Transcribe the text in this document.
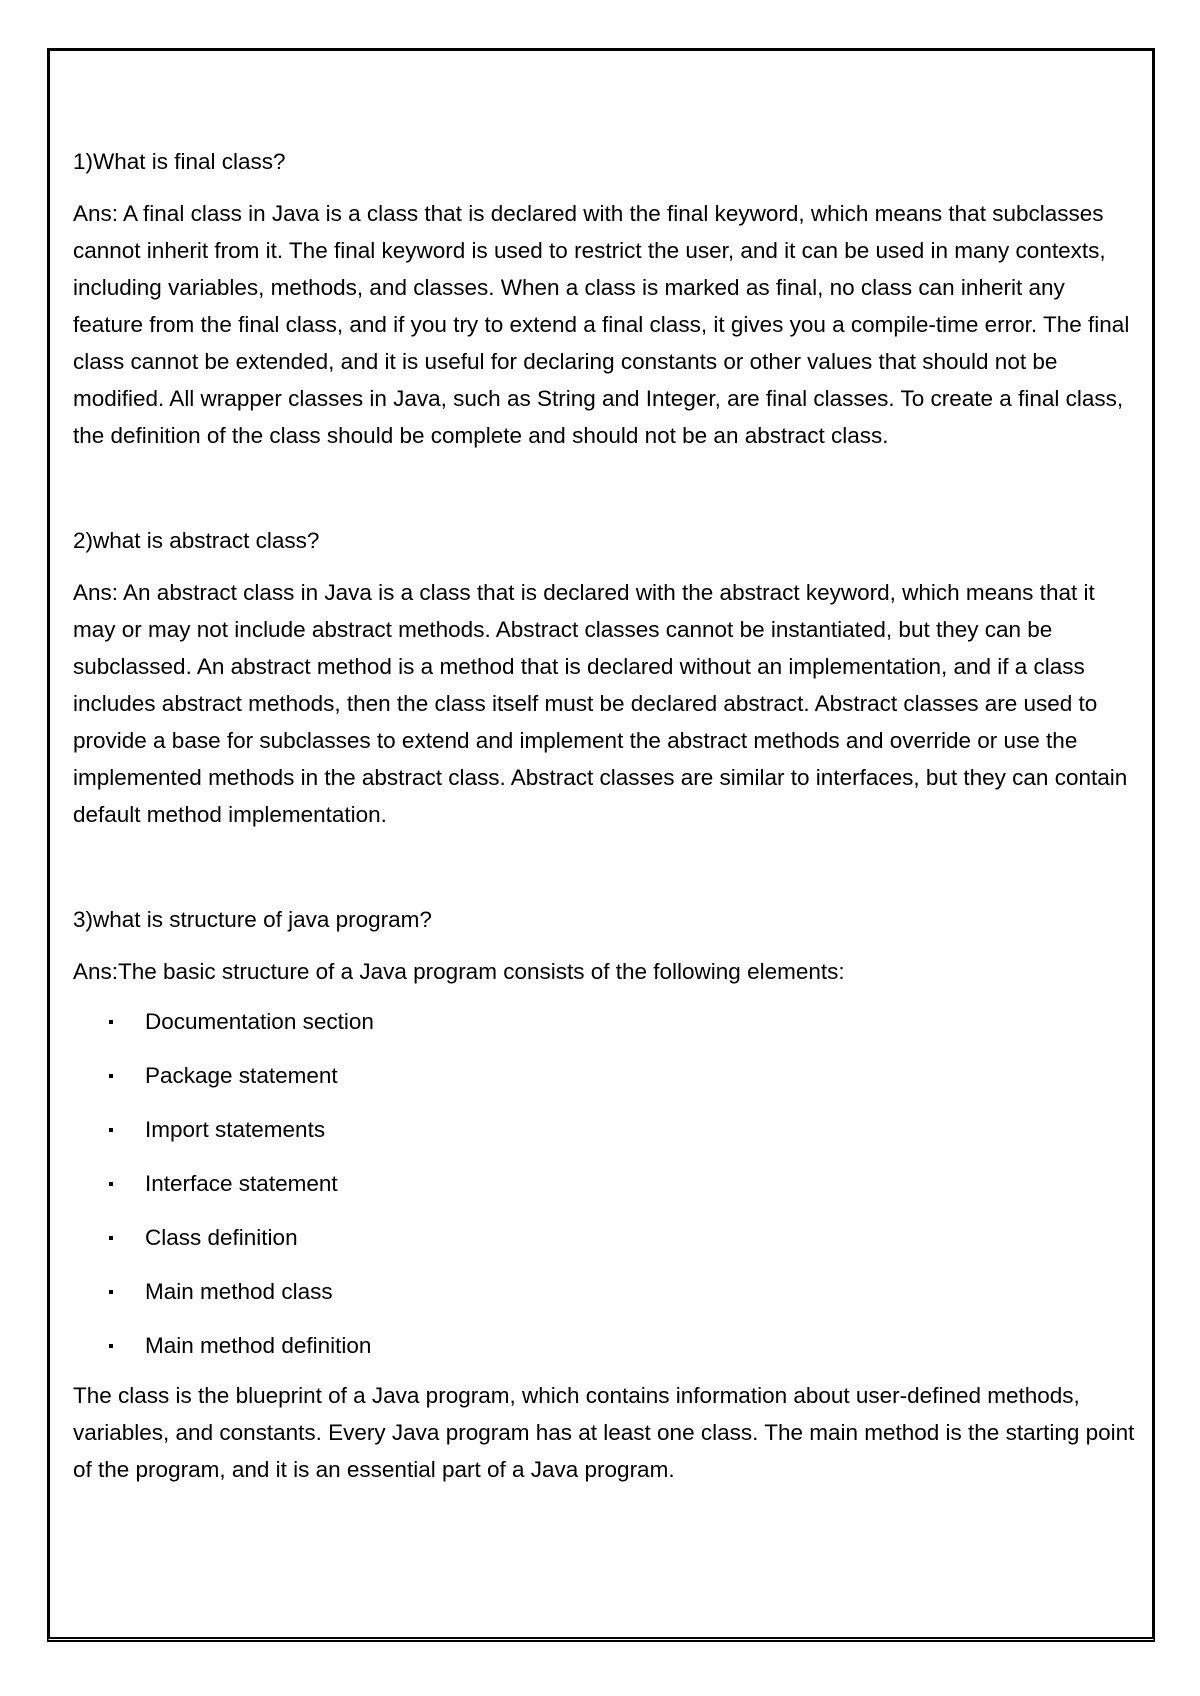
1)What is final class?

Ans: A final class in Java is a class that is declared with the final keyword, which means that subclasses cannot inherit from it. The final keyword is used to restrict the user, and it can be used in many contexts, including variables, methods, and classes. When a class is marked as final, no class can inherit any feature from the final class, and if you try to extend a final class, it gives you a compile-time error. The final class cannot be extended, and it is useful for declaring constants or other values that should not be modified. All wrapper classes in Java, such as String and Integer, are final classes. To create a final class, the definition of the class should be complete and should not be an abstract class.

2)what is abstract class?

Ans: An abstract class in Java is a class that is declared with the abstract keyword, which means that it may or may not include abstract methods. Abstract classes cannot be instantiated, but they can be subclassed. An abstract method is a method that is declared without an implementation, and if a class includes abstract methods, then the class itself must be declared abstract. Abstract classes are used to provide a base for subclasses to extend and implement the abstract methods and override or use the implemented methods in the abstract class. Abstract classes are similar to interfaces, but they can contain default method implementation.

3)what is structure of java program?

Ans:The basic structure of a Java program consists of the following elements:

Documentation section
Package statement
Import statements
Interface statement
Class definition
Main method class
Main method definition

The class is the blueprint of a Java program, which contains information about user-defined methods, variables, and constants. Every Java program has at least one class. The main method is the starting point of the program, and it is an essential part of a Java program.
